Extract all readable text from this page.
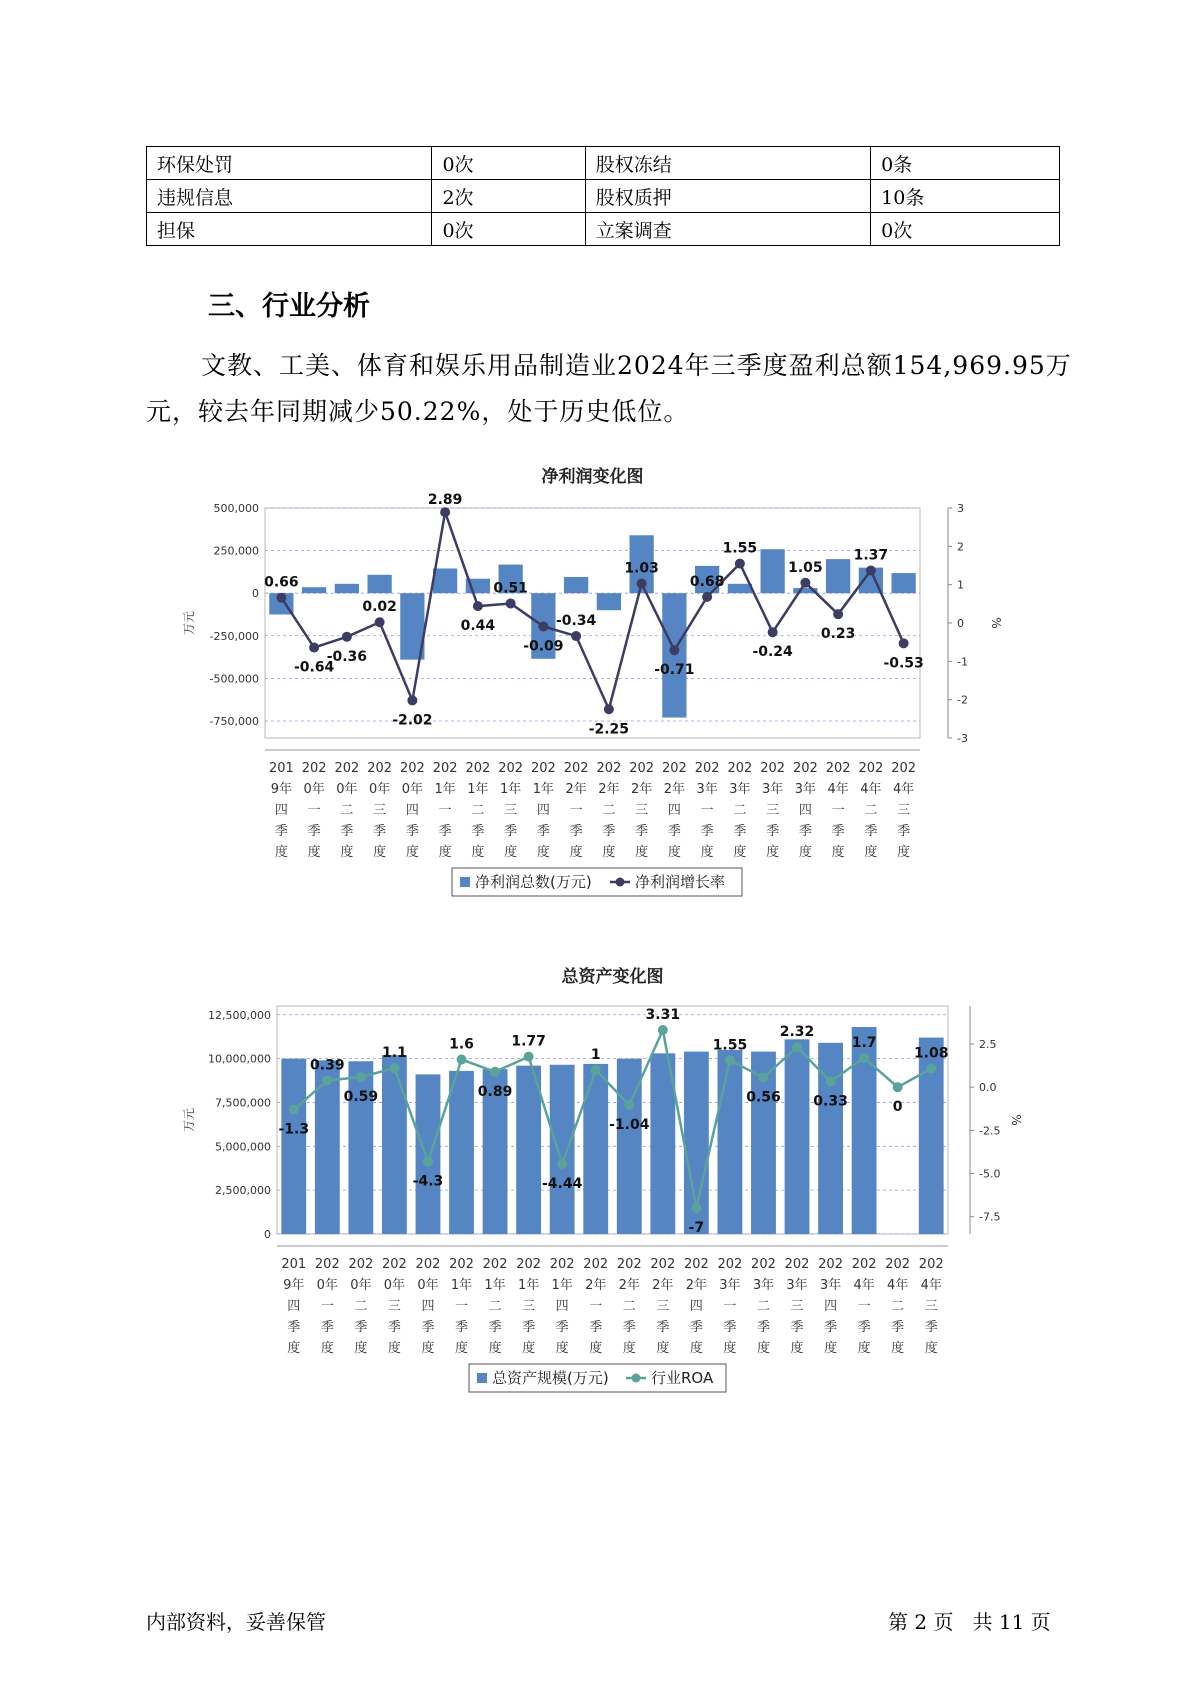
环保处罚	0次	股权冻结	0条
违规信息	2次	股权质押	10条
担保	0次	立案调查	0次
三、行业分析

文教、工美、体育和娱乐用品制造业2024年三季度盈利总额154,969.95万元，较去年同期减少50.22%，处于历史低位。

净利润变化图
500,000
250,000
0
-250,000
-500,000
-750,000
3
2
1
0
-1
-2
-3
万元	%
0.66
-0.64
-0.36
0.02
-2.02
2.89
0.44
0.51
-0.09
-0.34
-2.25
1.03
-0.71
0.68
1.55
-0.24
1.05
0.23
1.37
-0.53
201 9年四季度
202 0年一季度
202 0年二季度
202 0年三季度
202 0年四季度
202 1年一季度
202 1年二季度
202 1年三季度
202 1年四季度
202 2年一季度
202 2年二季度
202 2年三季度
202 2年四季度
202 3年一季度
202 3年二季度
202 3年三季度
202 3年四季度
202 4年一季度
202 4年二季度
202 4年三季度
净利润总数(万元)	净利润增长率
总资产变化图
12,500,000
10,000,000
7,500,000
5,000,000
2,500,000
0
2.5
0.0
-2.5
-5.0
-7.5
万元	%
-1.3
0.39
0.59
1.1
-4.3
1.6
0.89
1.77
-4.44
1
-1.04
3.31
-7
1.55
0.56
2.32
0.33
1.7
0
1.08
201 9年四季度
202 0年一季度
202 0年二季度
202 0年三季度
202 0年四季度
202 1年一季度
202 1年二季度
202 1年三季度
202 1年四季度
202 2年一季度
202 2年二季度
202 2年三季度
202 2年四季度
202 3年一季度
202 3年二季度
202 3年三季度
202 3年四季度
202 4年一季度
202 4年二季度
202 4年三季度
总资产规模(万元)	行业ROA
内部资料，妥善保管	第 2 页   共 11 页
